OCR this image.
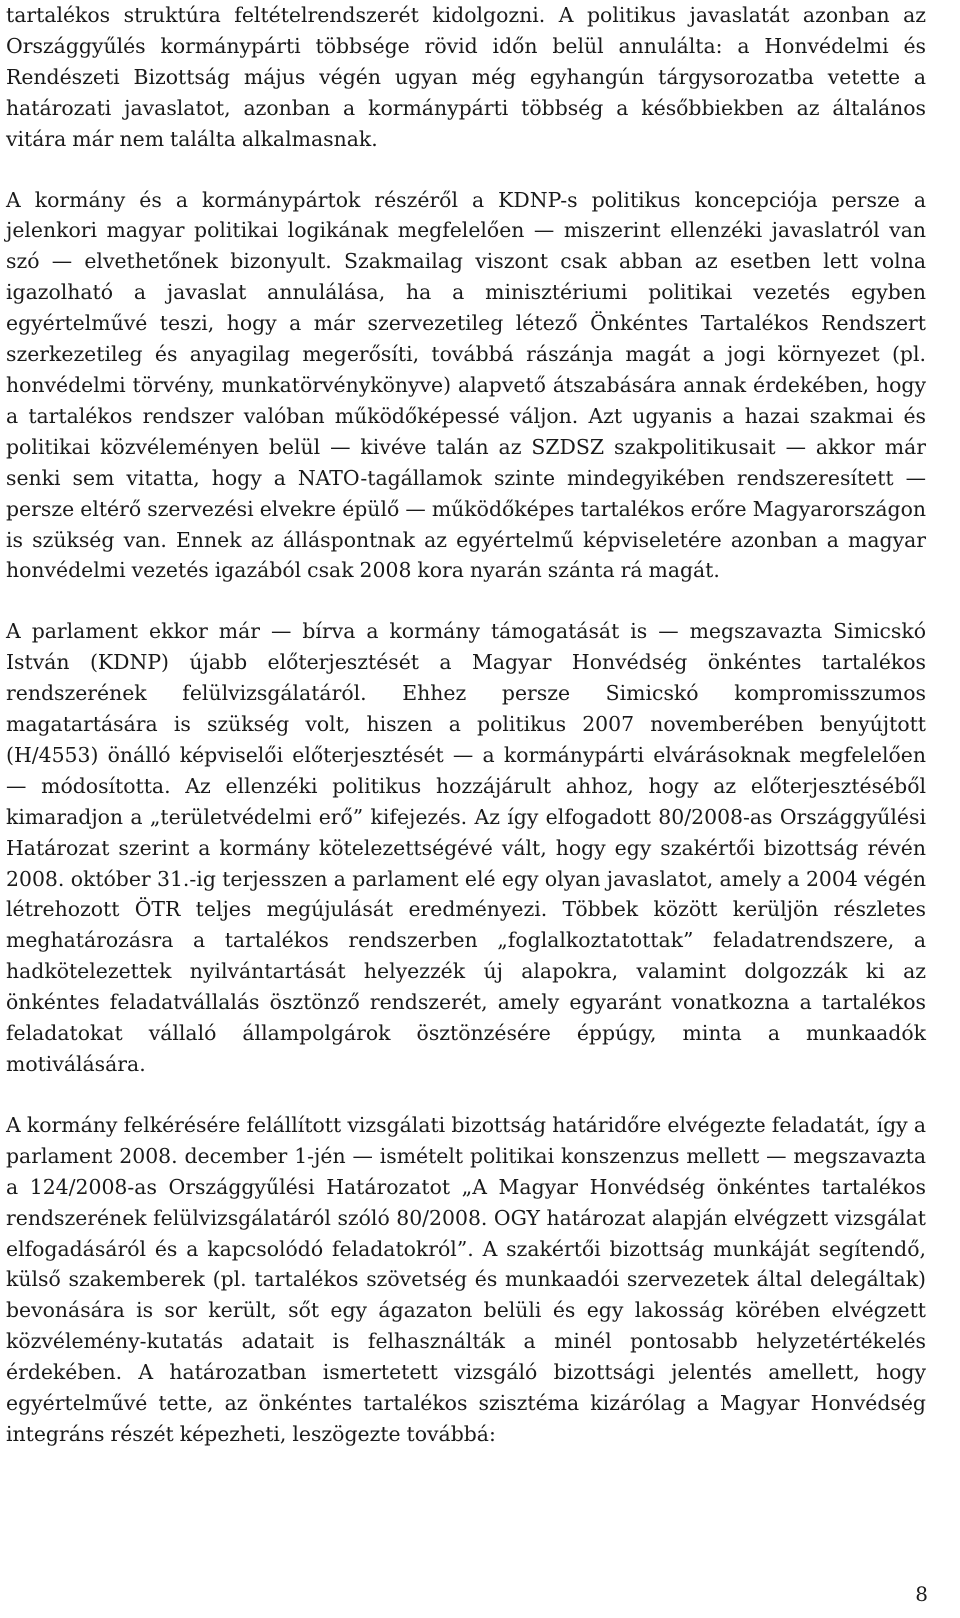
tartalékos struktúra feltételrendszerét kidolgozni. A politikus javaslatát azonban az Országgyűlés kormánypárti többsége rövid időn belül annulálta: a Honvédelmi és Rendészeti Bizottság május végén ugyan még egyhangún tárgysorozatba vetette a határozati javaslatot, azonban a kormánypárti többség a későbbiekben az általános vitára már nem találta alkalmasnak.

A kormány és a kormánypártok részéről a KDNP-s politikus koncepciója persze a jelenkori magyar politikai logikának megfelelően — miszerint ellenzéki javaslatról van szó — elvethetőnek bizonyult. Szakmailag viszont csak abban az esetben lett volna igazolható a javaslat annulálása, ha a minisztériumi politikai vezetés egyben egyértelművé teszi, hogy a már szervezetileg létező Önkéntes Tartalékos Rendszert szerkezetileg és anyagilag megerősíti, továbbá rászánja magát a jogi környezet (pl. honvédelmi törvény, munkatörvénykönyve) alapvető átszabására annak érdekében, hogy a tartalékos rendszer valóban működőképessé váljon. Azt ugyanis a hazai szakmai és politikai közvéleményen belül — kivéve talán az SZDSZ szakpolitikusait — akkor már senki sem vitatta, hogy a NATO-tagállamok szinte mindegyikében rendszeresített — persze eltérő szervezési elvekre épülő — működőképes tartalékos erőre Magyarországon is szükség van. Ennek az álláspontnak az egyértelmű képviseletére azonban a magyar honvédelmi vezetés igazából csak 2008 kora nyarán szánta rá magát.

A parlament ekkor már — bírva a kormány támogatását is — megszavazta Simicskó István (KDNP) újabb előterjesztését a Magyar Honvédség önkéntes tartalékos rendszerének felülvizsgálatáról. Ehhez persze Simicskó kompromisszumos magatartására is szükség volt, hiszen a politikus 2007 novemberében benyújtott (H/4553) önálló képviselői előterjesztését — a kormánypárti elvárásoknak megfelelően — módosította. Az ellenzéki politikus hozzájárult ahhoz, hogy az előterjesztéséből kimaradjon a „területvédelmi erő” kifejezés. Az így elfogadott 80/2008-as Országgyűlési Határozat szerint a kormány kötelezettségévé vált, hogy egy szakértői bizottság révén 2008. október 31.-ig terjesszen a parlament elé egy olyan javaslatot, amely a 2004 végén létrehozott ÖTR teljes megújulását eredményezi. Többek között kerüljön részletes meghatározásra a tartalékos rendszerben „foglalkoztatottak” feladatrendszere, a hadkötelezettek nyilvántartását helyezzék új alapokra, valamint dolgozzák ki az önkéntes feladatvállalás ösztönző rendszerét, amely egyaránt vonatkozna a tartalékos feladatokat vállaló állampolgárok ösztönzésére éppúgy, minta a munkaadók motiválására.

A kormány felkérésére felállított vizsgálati bizottság határidőre elvégezte feladatát, így a parlament 2008. december 1-jén — ismételt politikai konszenzus mellett — megszavazta a 124/2008-as Országgyűlési Határozatot „A Magyar Honvédség önkéntes tartalékos rendszerének felülvizsgálatáról szóló 80/2008. OGY határozat alapján elvégzett vizsgálat elfogadásáról és a kapcsolódó feladatokról”. A szakértői bizottság munkáját segítendő, külső szakemberek (pl. tartalékos szövetség és munkaadói szervezetek által delegáltak) bevonására is sor került, sőt egy ágazaton belüli és egy lakosság körében elvégzett közvélemény-kutatás adatait is felhasználták a minél pontosabb helyzetértékelés érdekében. A határozatban ismertetett vizsgáló bizottsági jelentés amellett, hogy egyértelművé tette, az önkéntes tartalékos szisztéma kizárólag a Magyar Honvédség integráns részét képezheti, leszögezte továbbá:

8
